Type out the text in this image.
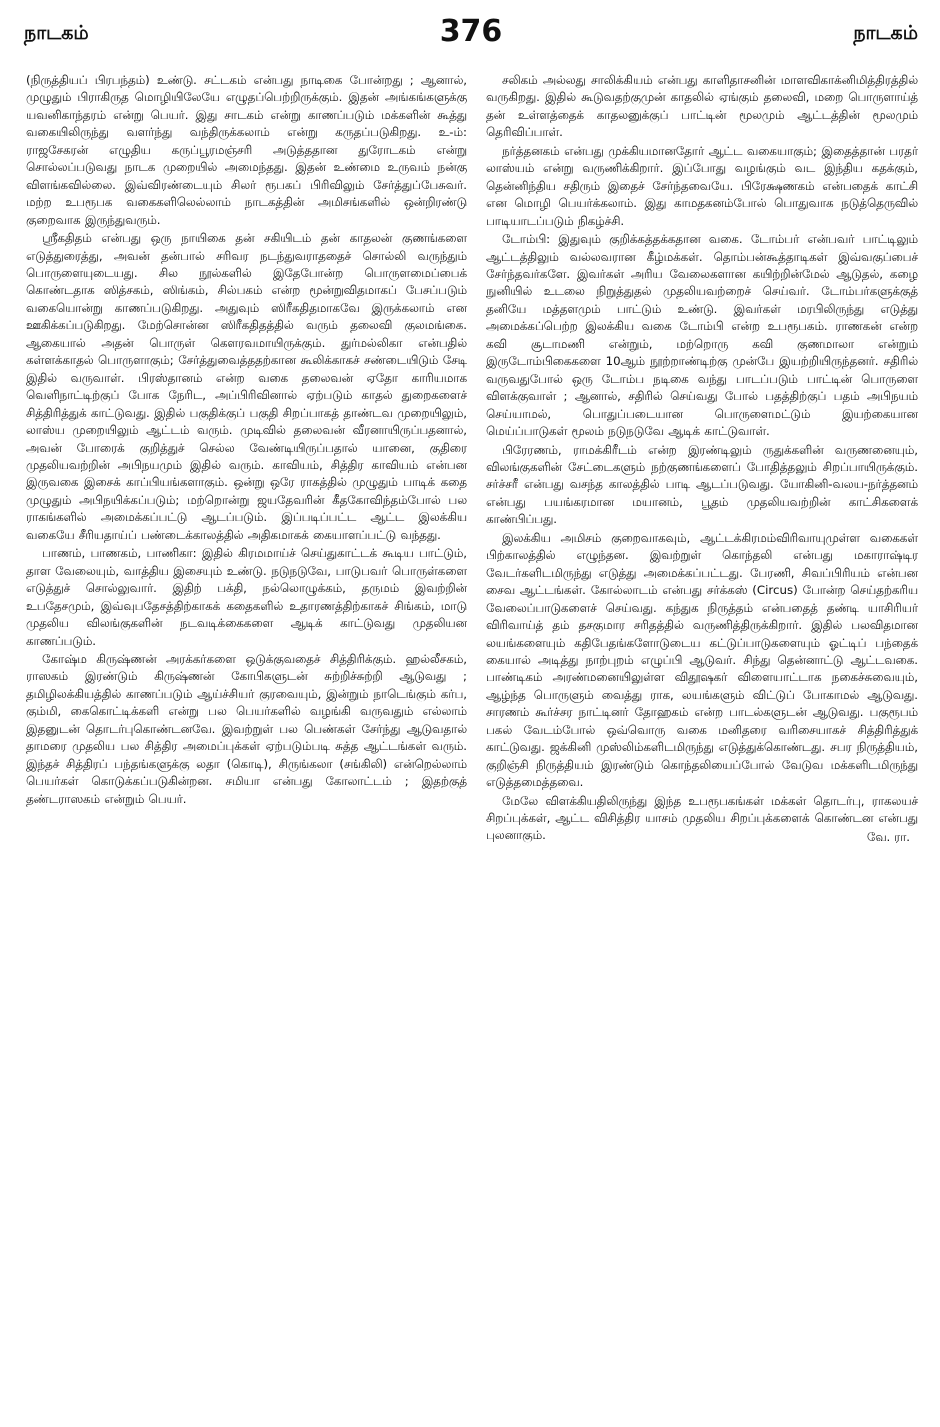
நாடகம்	376	நாடகம்

(நிருத்தியப் பிரபந்தம்) உண்டு. சட்டகம் என்பது நாடிகை போன்றது ; ஆனால், முழுதும் பிராகிருத மொழியிலேயே எழுதப்பெற்றிருக்கும். இதன் அங்கங்களுக்கு யவனிகாந்தரம் என்று பெயர். இது சாடகம் என்று காணப்படும் மக்களின் கூத்து வகையிலிருந்து வளர்ந்து வந்திருக்கலாம் என்று கருதப்படுகிறது. உ-ம்: ராஜசேகரன் எழுதிய கருப்பூரமஞ்சரி அடுத்ததான துரோடகம் என்று சொல்லப்படுவது நாடக முறையில் அமைந்தது. இதன் உண்மை உருவம் நன்கு விளங்கவில்லை. இவ்விரண்டையும் சிலர் ரூபகப் பிரிவிலும் சேர்த்துப்பேசுவர். மற்ற உபரூபக வகைகளிலெல்லாம் நாடகத்தின் அமிசங்களில் ஒன்றிரண்டு குறைவாக இருந்துவரும்.

ஸ்ரீகதிதம் என்பது ஒரு நாயிகை தன் சகியிடம் தன் காதலன் குணங்களை எடுத்துரைத்து, அவன் தன்பால் சரிவர நடந்துவராததைச் சொல்லி வருந்தும் பொருளையுடையது. சில நூல்களில் இதேபோன்ற பொருளமைப்பைக் கொண்டதாக ஸித்சகம், ஸிங்கம், சில்பகம் என்ற மூன்றுவிதமாகப் பேசப்படும் வகையொன்று காணப்படுகிறது. அதுவும் ஸிரீகதிதமாகவே இருக்கலாம் என ஊகிக்கப்படுகிறது. மேற்சொன்ன ஸிரீகதிதத்தில் வரும் தலைவி குலமங்கை. ஆகையால் அதன் பொருள் கௌரவமாயிருக்கும். துர்மல்லிகா என்பதில் கள்ளக்காதல் பொருளாகும்; சேர்த்துவைத்ததற்கான கூலிக்காகச் சண்டையிடும் சேடி இதில் வருவாள். பிரஸ்தானம் என்ற வகை தலைவன் ஏதோ காரியமாக வெளிநாட்டிற்குப் போக நேரிட, அப்பிரிவினால் ஏற்படும் காதல் துறைகளைச் சித்திரித்துக் காட்டுவது. இதில் பகுதிக்குப் பகுதி சிறப்பாகத் தாண்டவ முறையிலும், லாஸ்ய முறையிலும் ஆட்டம் வரும். முடிவில் தலைவன் வீரனாயிருப்பதனால், அவன் போரைக் குறித்துச் செல்ல வேண்டியிருப்பதால் யானை, குதிரை முதலியவற்றின் அபிநயமும் இதில் வரும். காவியம், சித்திர காவியம் என்பன இருவகை இசைக் காப்பியங்களாகும். ஒன்று ஒரே ராகத்தில் முழுதும் பாடிக் கதை முழுதும் அபிநயிக்கப்படும்; மற்றொன்று ஜயதேவரின் கீதகோவிந்தம்போல் பல ராகங்களில் அமைக்கப்பட்டு ஆடப்படும். இப்படிப்பட்ட ஆட்ட இலக்கிய வகையே சீரியதாய்ப் பண்டைக்காலத்தில் அதிகமாகக் கையாளப்பட்டு வந்தது.

பாணம், பாணகம், பாணிகா: இதில் கிரமமாய்ச் செய்துகாட்டக் கூடிய பாட்டும், தாள வேலையும், வாத்திய இசையும் உண்டு. நடுநடுவே, பாடுபவர் பொருள்களை எடுத்துச் சொல்லுவார். இதிற் பக்தி, நல்லொழுக்கம், தருமம் இவற்றின் உபதேசமும், இவ்வுபதேசத்திற்காகக் கதைகளில் உதாரணத்திற்காகச் சிங்கம், மாடு முதலிய விலங்குகளின் நடவடிக்கைகளை ஆடிக் காட்டுவது முதலியன காணப்படும்.

கோஷ்ம கிருஷ்ணன் அரக்கர்களை ஒடுக்குவதைச் சித்திரிக்கும். ஹல்லீசகம், ராஸகம் இரண்டும் கிருஷ்ணன் கோபிகளுடன் சுற்றிச்சுற்றி ஆடுவது ; தமிழிலக்கியத்தில் காணப்படும் ஆய்ச்சியர் குரவையும், இன்றும் நாடெங்கும் கர்ப, கும்மி, கைகொட்டிக்களி என்று பல பெயர்களில் வழங்கி வருவதும் எல்லாம் இதனுடன் தொடர்புகொண்டனவே. இவற்றுள் பல பெண்கள் சேர்ந்து ஆடுவதால் தாமரை முதலிய பல சித்திர அமைப்புக்கள் ஏற்படும்படி சுத்த ஆட்டங்கள் வரும். இந்தச் சித்திரப் பந்தங்களுக்கு லதா (கொடி), சிருங்கலா (சங்கிலி) என்றெல்லாம் பெயர்கள் கொடுக்கப்படுகின்றன. சமியா என்பது கோலாட்டம் ; இதற்குத் தண்டராஸகம் என்றும் பெயர்.

சலிகம் அல்லது சாலிக்கியம் என்பது காளிதாசனின் மாளவிகாக்னிமித்திரத்தில் வருகிறது. இதில் கூடுவதற்குமுன் காதலில் ஏங்கும் தலைவி, மறை பொருளாய்த் தன் உள்ளத்தைக் காதலனுக்குப் பாட்டின் மூலமும் ஆட்டத்தின் மூலமும் தெரிவிப்பாள்.

நர்த்தனகம் என்பது முக்கியமானதோர் ஆட்ட வகையாகும்; இதைத்தான் பரதர் லாஸ்யம் என்று வருணிக்கிறார். இப்போது வழங்கும் வட இந்திய கதக்கும், தென்னிந்திய சதிரும் இதைச் சேர்ந்தவையே. பிரேக்ஷணகம் என்பதைக் காட்சி என மொழி பெயர்க்கலாம். இது காமதகனம்போல் பொதுவாக நடுத்தெருவில் பாடியாடப்படும் நிகழ்ச்சி.

டோம்பி: இதுவும் குறிக்கத்தக்கதான வகை. டோம்பர் என்பவர் பாட்டிலும் ஆட்டத்திலும் வல்லவரான கீழ்மக்கள். தொம்பன்கூத்தாடிகள் இவ்வகுப்பைச் சேர்ந்தவர்களே. இவர்கள் அரிய வேலைகளான கயிற்றின்மேல் ஆடுதல், கழை நுனியில் உடலை நிறுத்துதல் முதலியவற்றைச் செய்வர். டோம்பர்களுக்குத் தனியே மத்தளமும் பாட்டும் உண்டு. இவர்கள் மரபிலிருந்து எடுத்து அமைக்கப்பெற்ற இலக்கிய வகை டோம்பி என்ற உபரூபகம். ராணகன் என்ற கவி சூடாமணி என்றும், மற்றொரு கவி குணமாலா என்றும் இருடோம்பிகைகளை 10ஆம் நூற்றாண்டிற்கு முன்பே இயற்றியிருந்தனர். சதிரில் வருவதுபோல் ஒரு டோம்ப நடிகை வந்து பாடப்படும் பாட்டின் பொருளை விளக்குவாள் ; ஆனால், சதிரில் செய்வது போல் பதத்திற்குப் பதம் அபிநயம் செய்யாமல், பொதுப்படையான பொருளைமட்டும் இயற்கையான மெய்ப்பாடுகள் மூலம் நடுநடுவே ஆடிக் காட்டுவாள்.

பிரேரணம், ராமக்கிரீடம் என்ற இரண்டிலும் ருதுக்களின் வருணனையும், விலங்குகளின் சேட்டைகளும் நற்குணங்களைப் போதித்தலும் சிறப்பாயிருக்கும். சர்ச்சரீ என்பது வசந்த காலத்தில் பாடி ஆடப்படுவது. யோகினி-வலய-நர்த்தனம் என்பது பயங்கரமான மயானம், பூதம் முதலியவற்றின் காட்சிகளைக் காண்பிப்பது.

இலக்கிய அமிசம் குறைவாகவும், ஆட்டக்கிரமம்விரிவாயுமுள்ள வகைகள் பிற்காலத்தில் எழுந்தன. இவற்றுள் கொந்தலி என்பது மகாராஷ்டிர வேடர்களிடமிருந்து எடுத்து அமைக்கப்பட்டது. பேரணி, சிவப்பிரியம் என்பன சைவ ஆட்டங்கள். கோல்லாடம் என்பது சர்க்கஸ் (Circus) போன்ற செய்தற்கரிய வேலைப்பாடுகளைச் செய்வது. கந்துக நிருத்தம் என்பதைத் தண்டி யாசிரியர் விரிவாய்த் தம் தசகுமார சரிதத்தில் வருணித்திருக்கிறார். இதில் பலவிதமான லயங்களையும் கதிபேதங்களோடுடைய கட்டுப்பாடுகளையும் ஓட்டிப் பந்தைக் கையால் அடித்து நாற்புறம் எழுப்பி ஆடுவர். சிந்து தென்னாட்டு ஆட்டவகை. பாண்டிகம் அரண்மனையிலுள்ள விதூஷகர் விளையாட்டாக நகைச்சுவையும், ஆழ்ந்த பொருளும் வைத்து ராக, லயங்களும் விட்டுப் போகாமல் ஆடுவது. சாரணம் கூர்ச்சர நாட்டினர் தோஹகம் என்ற பாடல்களுடன் ஆடுவது. பகுரூபம் பகல் வேடம்போல் ஒவ்வொரு வகை மனிதரை வரிசையாகச் சித்திரித்துக் காட்டுவது. ஜக்கினி முஸ்லிம்களிடமிருந்து எடுத்துக்கொண்டது. சபர நிருத்தியம், குறிஞ்சி நிருத்தியம் இரண்டும் கொந்தலியைப்போல் வேடுவ மக்களிடமிருந்து எடுத்தமைத்தவை.

மேலே விளக்கியதிலிருந்து இந்த உபரூபகங்கள் மக்கள் தொடர்பு, ராகலயச் சிறப்புக்கள், ஆட்ட விசித்திர யாசம் முதலிய சிறப்புக்களைக் கொண்டன என்பது புலனாகும்.	வே. ரா.
